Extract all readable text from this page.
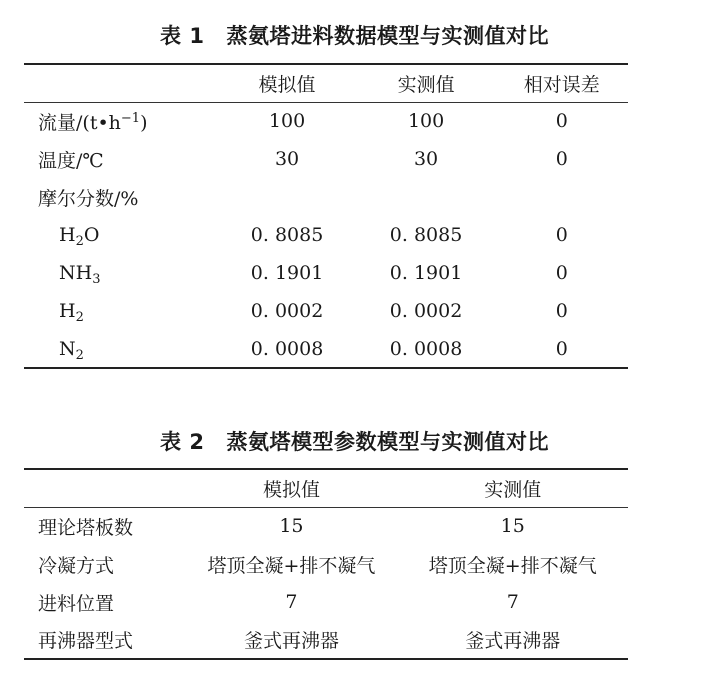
表 1 蒸氨塔进料数据模型与实测值对比
	模拟值	实测值	相对误差
流量$/(t•h^{-1})$	100	100	0
温度/℃	30	30	0
摩尔分数/%			
$H_2O$	0. 8085	0. 8085	0
$NH_3$	0. 1901	0. 1901	0
$H_2$	0. 0002	0. 0002	0
$N_2$	0. 0008	0. 0008	0
表 2 蒸氨塔模型参数模型与实测值对比
	模拟值	实测值
理论塔板数	15	15
冷凝方式	塔顶全凝+排不凝气	塔顶全凝+排不凝气
进料位置	7	7
再沸器型式	釜式再沸器	釜式再沸器
